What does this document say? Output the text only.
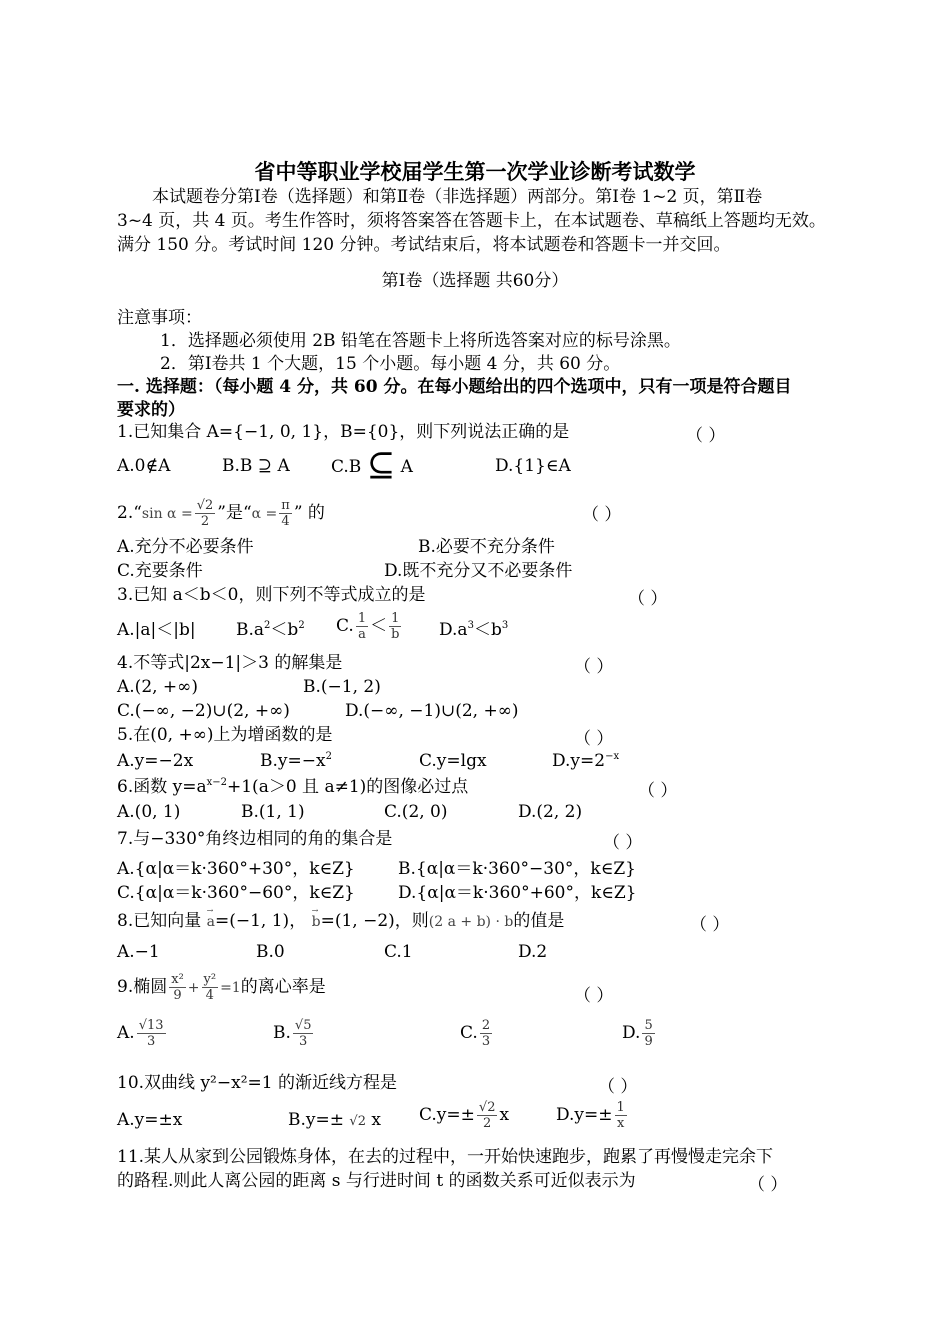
省中等职业学校届学生第一次学业诊断考试数学
本试题卷分第Ⅰ卷（选择题）和第Ⅱ卷（非选择题）两部分。第Ⅰ卷 1~2 页，第Ⅱ卷
3~4 页，共 4 页。考生作答时，须将答案答在答题卡上，在本试题卷、草稿纸上答题均无效。
满分 150 分。考试时间 120 分钟。考试结束后，将本试题卷和答题卡一并交回。
第Ⅰ卷（选择题 共60分）
注意事项：
1．选择题必须使用 2B 铅笔在答题卡上将所选答案对应的标号涂黑。
2．第Ⅰ卷共 1 个大题，15 个小题。每小题 4 分，共 60 分。
一. 选择题：（每小题 4 分，共 60 分。在每小题给出的四个选项中，只有一项是符合题目
要求的）
1.已知集合 A={−1, 0, 1}，B={0}，则下列说法正确的是	（ ）
A.0∉A	B.B ⊇ A C.B ⊆ A	D.{1}∈A
2.“sin $\alpha = \frac{√2}{2}$ ”是“$\alpha = \frac{\pi}{4}$ ” 的	（ ）
A.充分不必要条件	B.必要不充分条件
C.充要条件	D.既不充分又不必要条件
3.已知 a＜b＜0，则下列不等式成立的是	（ ）
A.|a|＜|b| $B.a^2<b^2$ C. $\frac{1}{a} < \frac{1}{b} D.a^3<b^3$
4.不等式|2x−1|＞3 的解集是	（ ）
A.(2, +∞)	B.(−1, 2)
C.(−∞, −2)∪(2, +∞)	D.(−∞, −1)∪(2, +∞)
5.在(0, +∞)上为增函数的是	（ ）
A.y=−2x	$B.y=-x^2$	C.y=lgx	$D.y=2^{-x}$
6.函数 $y=a^{x-2}+1(a>0$ 且 a≠1)的图像必过点	（ ）
A.(0, 1)	B.(1, 1)	C.(2, 0)	D.(2, 2)
7.与−330°角终边相同的角的集合是	（ ）
A.{α|α＝k·360°+30°，k∈Z}	B.{α|α＝k·360°−30°，k∈Z}
C.{α|α＝k·360°−60°，k∈Z}	D.{α|α＝k·360°+60°，k∈Z}
8.已知向量 → a=(−1, 1)， → b=(1, −2)，则(2 a + b) · b的值是	（ ）
A.−1	B.0	C.1	D.2
9.椭圆 $\frac{\text{x²}}{9} + \frac{\text{y²}}{4} =1$的离心率是	（ ）
A. $\frac{√13}{3}$	B. $\frac{√5}{3}$	C. $\frac{2}{3}$	D. $\frac{5}{9}$
10.双曲线 y²−x²=1 的渐近线方程是	（ ）
A.y=±x	B.y=± √2 x $C.y=\pm \frac{√2}{2}$ x	$D.y=\pm \frac{1}{x}$
11.某人从家到公园锻炼身体，在去的过程中，一开始快速跑步，跑累了再慢慢走完余下
的路程.则此人离公园的距离 s 与行进时间 t 的函数关系可近似表示为	（ ）
